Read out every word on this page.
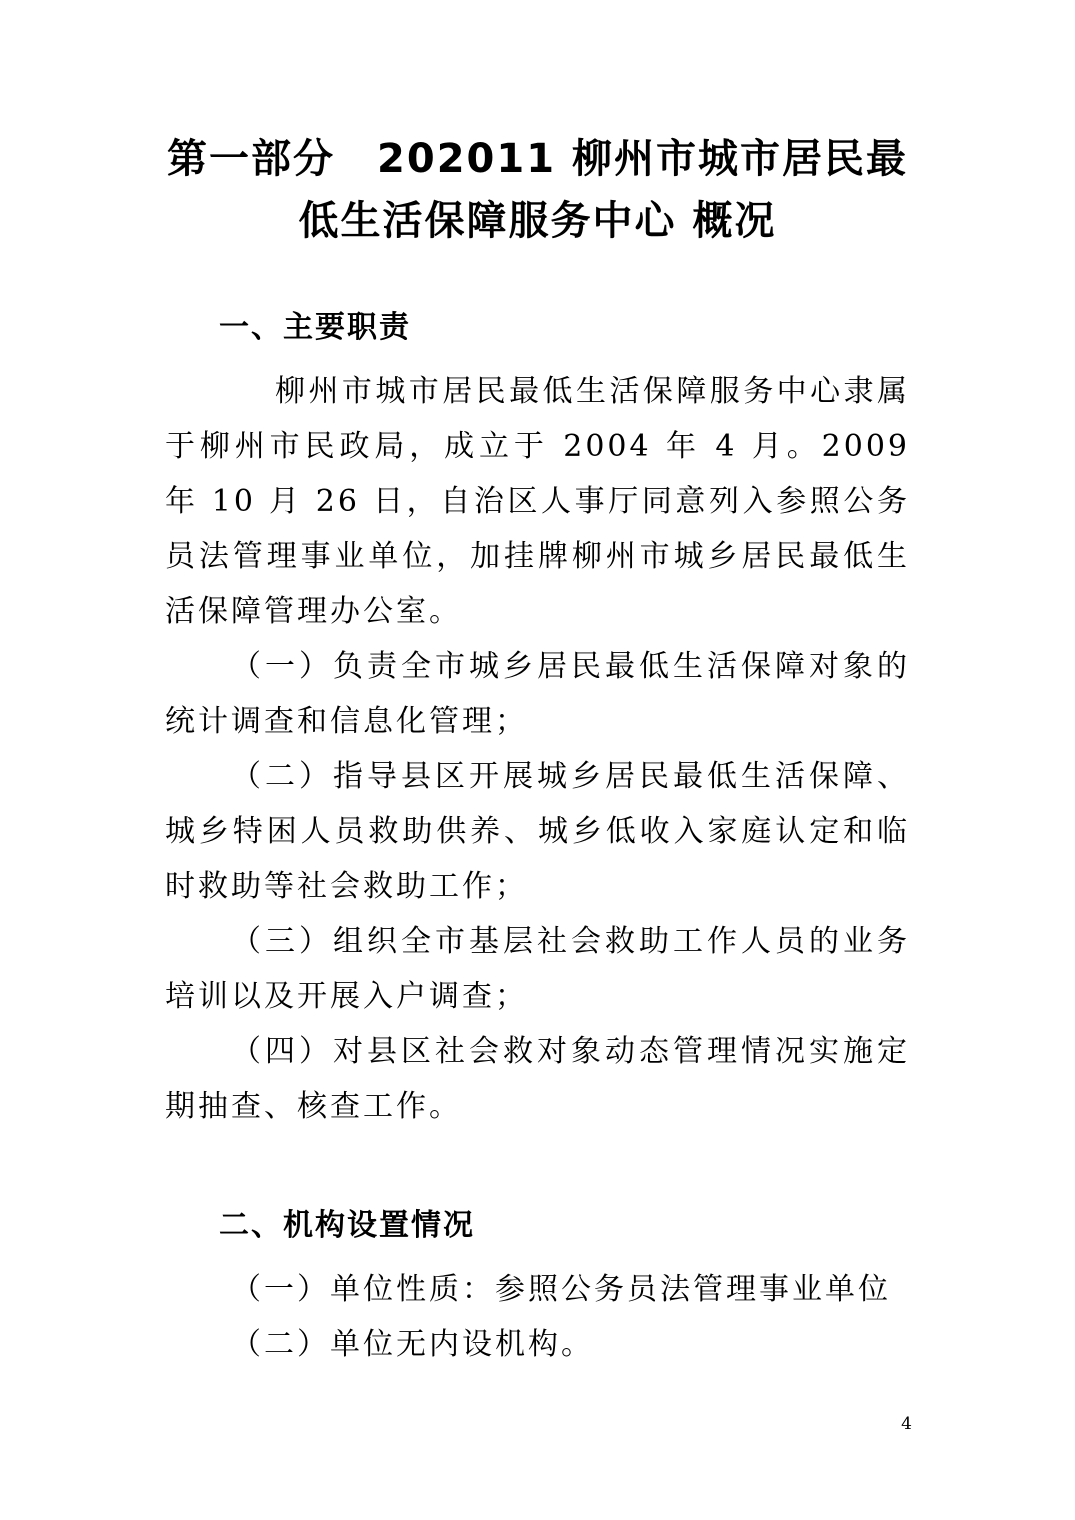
第一部分　202011 柳州市城市居民最低生活保障服务中心 概况
一、主要职责

柳州市城市居民最低生活保障服务中心隶属于柳州市民政局，成立于 2004 年 4 月。2009 年 10 月 26 日，自治区人事厅同意列入参照公务员法管理事业单位，加挂牌柳州市城乡居民最低生活保障管理办公室。

（一）负责全市城乡居民最低生活保障对象的统计调查和信息化管理；

（二）指导县区开展城乡居民最低生活保障、城乡特困人员救助供养、城乡低收入家庭认定和临时救助等社会救助工作；

（三）组织全市基层社会救助工作人员的业务培训以及开展入户调查；

（四）对县区社会救对象动态管理情况实施定期抽查、核查工作。

二、机构设置情况

（一）单位性质：参照公务员法管理事业单位

（二）单位无内设机构。

4
